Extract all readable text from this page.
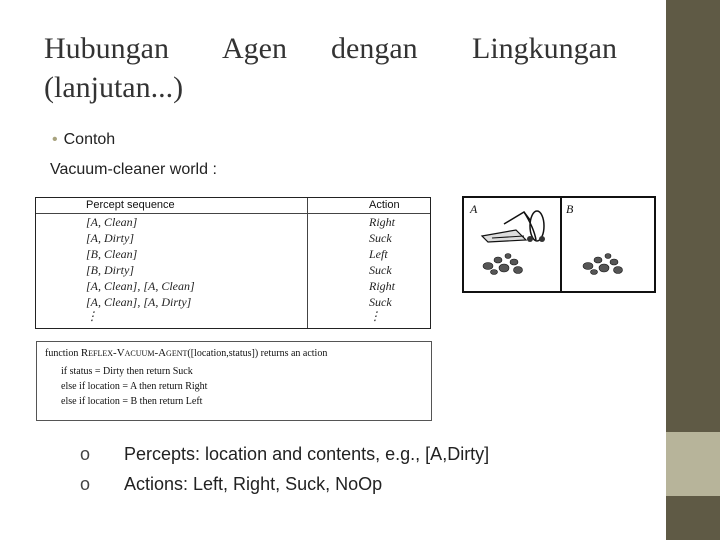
Hubungan Agen dengan Lingkungan
(lanjutan...)
• Contoh
Vacuum-cleaner world :
Percept sequence	Action
[A, Clean]	Right
[A, Dirty]	Suck
[B, Clean]	Left
[B, Dirty]	Suck
[A, Clean], [A, Clean]	Right
[A, Clean], [A, Dirty]	Suck
⋮	⋮
A	B
function Reflex-Vacuum-Agent([location,status]) returns an action
if status = Dirty then return Suck
else if location = A then return Right
else if location = B then return Left
o Percepts: location and contents, e.g., [A,Dirty]
o Actions: Left, Right, Suck, NoOp
